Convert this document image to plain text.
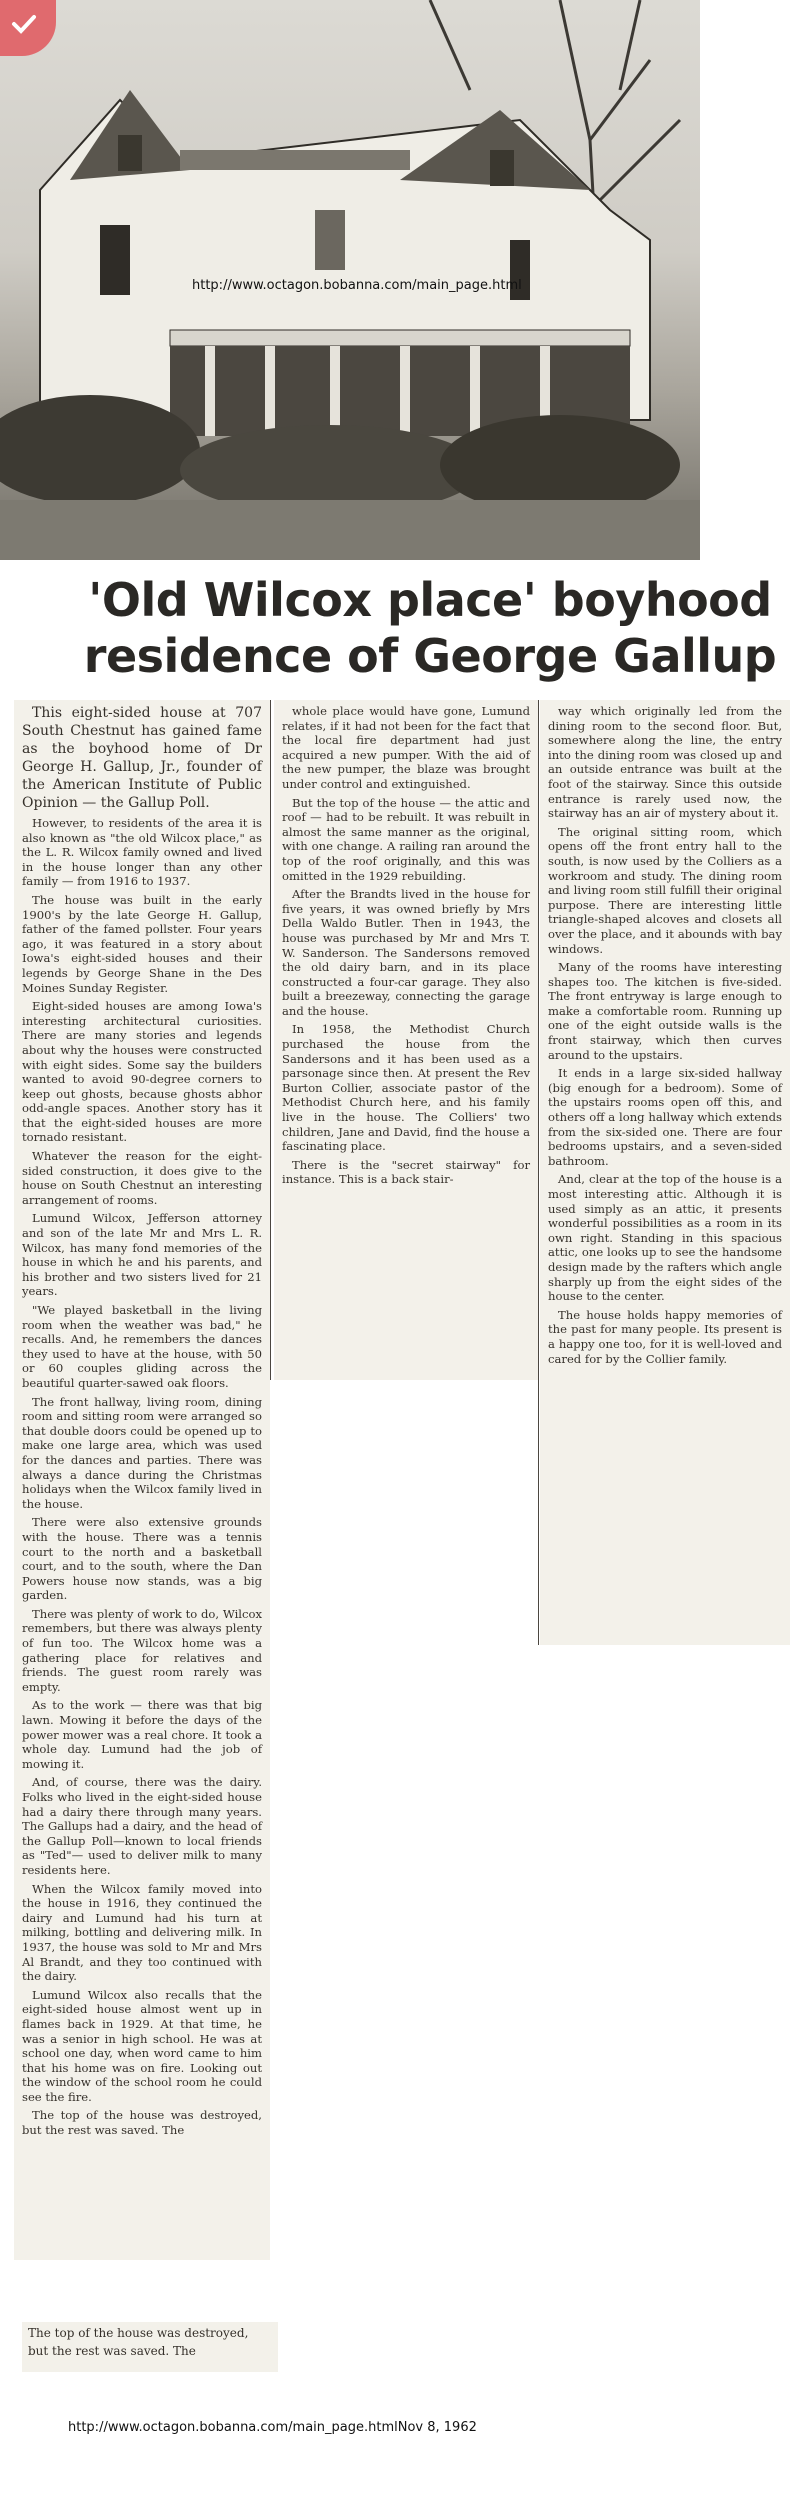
http://www.octagon.bobanna.com/main_page.html
'Old Wilcox place' boyhood
residence of George Gallup

This eight-sided house at 707 South Chestnut has gained fame as the boyhood home of Dr George H. Gallup, Jr., founder of the American Institute of Public Opinion — the Gallup Poll.

However, to residents of the area it is also known as "the old Wilcox place," as the L. R. Wilcox family owned and lived in the house longer than any other family — from 1916 to 1937.

The house was built in the early 1900's by the late George H. Gallup, father of the famed pollster. Four years ago, it was featured in a story about Iowa's eight-sided houses and their legends by George Shane in the Des Moines Sunday Register.

Eight-sided houses are among Iowa's interesting architectural curiosities. There are many stories and legends about why the houses were constructed with eight sides. Some say the builders wanted to avoid 90-degree corners to keep out ghosts, because ghosts abhor odd-angle spaces. Another story has it that the eight-sided houses are more tornado resistant.

Whatever the reason for the eight-sided construction, it does give to the house on South Chestnut an interesting arrangement of rooms.

Lumund Wilcox, Jefferson attorney and son of the late Mr and Mrs L. R. Wilcox, has many fond memories of the house in which he and his parents, and his brother and two sisters lived for 21 years.

"We played basketball in the living room when the weather was bad," he recalls. And, he remembers the dances they used to have at the house, with 50 or 60 couples gliding across the beautiful quarter-sawed oak floors.

The front hallway, living room, dining room and sitting room were arranged so that double doors could be opened up to make one large area, which was used for the dances and parties. There was always a dance during the Christmas holidays when the Wilcox family lived in the house.

There were also extensive grounds with the house. There was a tennis court to the north and a basketball court, and to the south, where the Dan Powers house now stands, was a big garden.

There was plenty of work to do, Wilcox remembers, but there was always plenty of fun too. The Wilcox home was a gathering place for relatives and friends. The guest room rarely was empty.

As to the work — there was that big lawn. Mowing it before the days of the power mower was a real chore. It took a whole day. Lumund had the job of mowing it.

And, of course, there was the dairy. Folks who lived in the eight-sided house had a dairy there through many years. The Gallups had a dairy, and the head of the Gallup Poll—known to local friends as "Ted"— used to deliver milk to many residents here.

When the Wilcox family moved into the house in 1916, they continued the dairy and Lumund had his turn at milking, bottling and delivering milk. In 1937, the house was sold to Mr and Mrs Al Brandt, and they too continued with the dairy.

Lumund Wilcox also recalls that the eight-sided house almost went up in flames back in 1929. At that time, he was a senior in high school. He was at school one day, when word came to him that his home was on fire. Looking out the window of the school room he could see the fire.

The top of the house was destroyed, but the rest was saved. The

whole place would have gone, Lumund relates, if it had not been for the fact that the local fire department had just acquired a new pumper. With the aid of the new pumper, the blaze was brought under control and extinguished.

But the top of the house — the attic and roof — had to be rebuilt. It was rebuilt in almost the same manner as the original, with one change. A railing ran around the top of the roof originally, and this was omitted in the 1929 rebuilding.

After the Brandts lived in the house for five years, it was owned briefly by Mrs Della Waldo Butler. Then in 1943, the house was purchased by Mr and Mrs T. W. Sanderson. The Sandersons removed the old dairy barn, and in its place constructed a four-car garage. They also built a breezeway, connecting the garage and the house.

In 1958, the Methodist Church purchased the house from the Sandersons and it has been used as a parsonage since then. At present the Rev Burton Collier, associate pastor of the Methodist Church here, and his family live in the house. The Colliers' two children, Jane and David, find the house a fascinating place.

There is the "secret stairway" for instance. This is a back stair-

way which originally led from the dining room to the second floor. But, somewhere along the line, the entry into the dining room was closed up and an outside entrance was built at the foot of the stairway. Since this outside entrance is rarely used now, the stairway has an air of mystery about it.

The original sitting room, which opens off the front entry hall to the south, is now used by the Colliers as a workroom and study. The dining room and living room still fulfill their original purpose. There are interesting little triangle-shaped alcoves and closets all over the place, and it abounds with bay windows.

Many of the rooms have interesting shapes too. The kitchen is five-sided. The front entryway is large enough to make a comfortable room. Running up one of the eight outside walls is the front stairway, which then curves around to the upstairs.

It ends in a large six-sided hallway (big enough for a bedroom). Some of the upstairs rooms open off this, and others off a long hallway which extends from the six-sided one. There are four bedrooms upstairs, and a seven-sided bathroom.

And, clear at the top of the house is a most interesting attic. Although it is used simply as an attic, it presents wonderful possibilities as a room in its own right. Standing in this spacious attic, one looks up to see the handsome design made by the rafters which angle sharply up from the eight sides of the house to the center.

The house holds happy memories of the past for many people. Its present is a happy one too, for it is well-loved and cared for by the Collier family.

The top of the house was destroyed, but the rest was saved. The
http://www.octagon.bobanna.com/main_page.htmlNov 8, 1962
